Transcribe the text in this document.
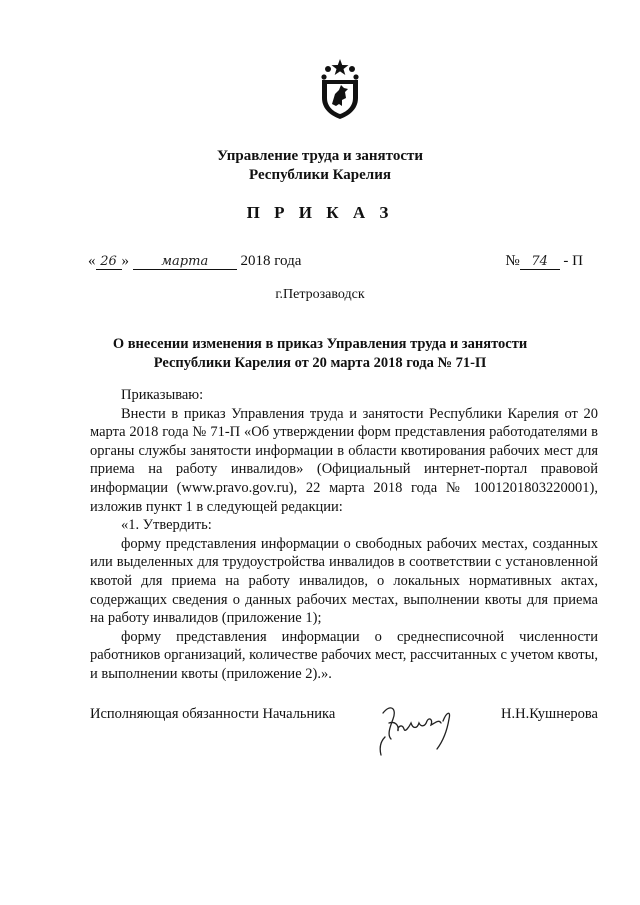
Управление труда и занятости
Республики Карелия
П Р И К А З
« 26 » марта 2018 года	№ 74 - П
г.Петрозаводск
О внесении изменения в приказ Управления труда и занятости
Республики Карелия от 20 марта 2018 года № 71-П

Приказываю:

Внести в приказ Управления труда и занятости Республики Карелия от 20 марта 2018 года № 71-П «Об утверждении форм представления работодателями в органы службы занятости информации в области квотирования рабочих мест для приема на работу инвалидов» (Официальный интернет-портал правовой информации (www.pravo.gov.ru), 22 марта 2018 года № 1001201803220001), изложив пункт 1 в следующей редакции:

«1. Утвердить:

форму представления информации о свободных рабочих местах, созданных или выделенных для трудоустройства инвалидов в соответствии с установленной квотой для приема на работу инвалидов, о локальных нормативных актах, содержащих сведения о данных рабочих местах, выполнении квоты для приема на работу инвалидов (приложение 1);

форму представления информации о среднесписочной численности работников организаций, количестве рабочих мест, рассчитанных с учетом квоты, и выполнении квоты (приложение 2).».

Исполняющая обязанности Начальника	Н.Н.Кушнерова
